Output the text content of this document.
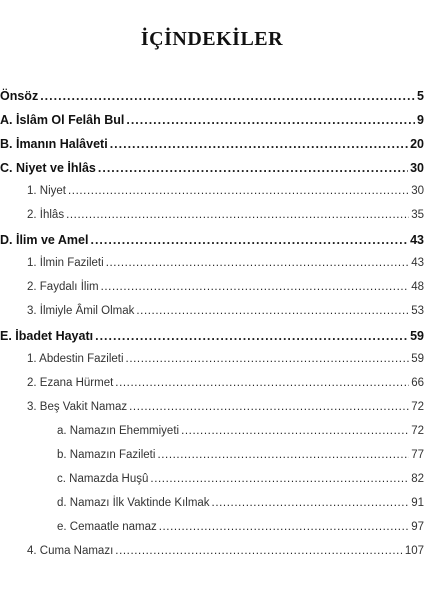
İÇİNDEKİLER
Önsöz .....	5
A. İslâm Ol Felâh Bul .....	9
B. İmanın Halâveti .....	20
C. Niyet ve İhlâs .....	30
1. Niyet .....	30
2. İhlâs .....	35
D. İlim ve Amel .....	43
1. İlmin Fazileti .....	43
2. Faydalı İlim .....	48
3. İlmiyle Âmil Olmak .....	53
E. İbadet Hayatı .....	59
1. Abdestin Fazileti .....	59
2. Ezana Hürmet .....	66
3. Beş Vakit Namaz .....	72
a. Namazın Ehemmiyeti .....	72
b. Namazın Fazileti .....	77
c. Namazda Huşû .....	82
d. Namazı İlk Vaktinde Kılmak .....	91
e. Cemaatle namaz .....	97
4. Cuma Namazı .....	107
